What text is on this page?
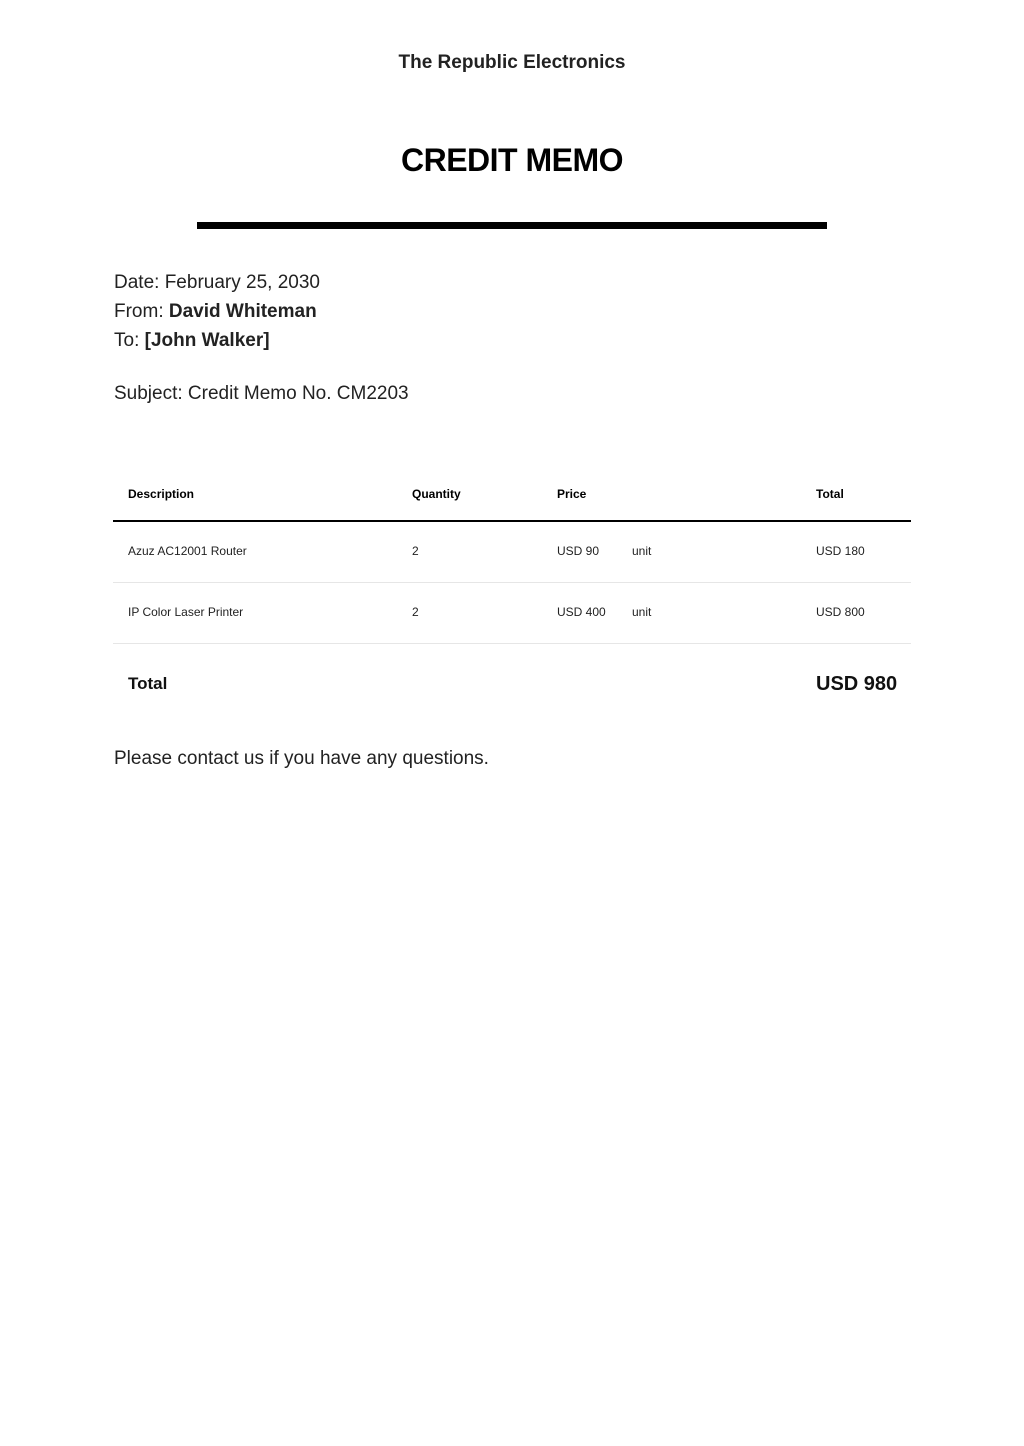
The Republic Electronics
CREDIT MEMO
Date: February 25, 2030
From: David Whiteman
To: [John Walker]
Subject: Credit Memo No. CM2203
Description	Quantity	Price	Total
Azuz AC12001 Router	2	USD 90	unit	USD 180
IP Color Laser Printer	2	USD 400 unit	USD 800
Total	USD 980
Please contact us if you have any questions.
